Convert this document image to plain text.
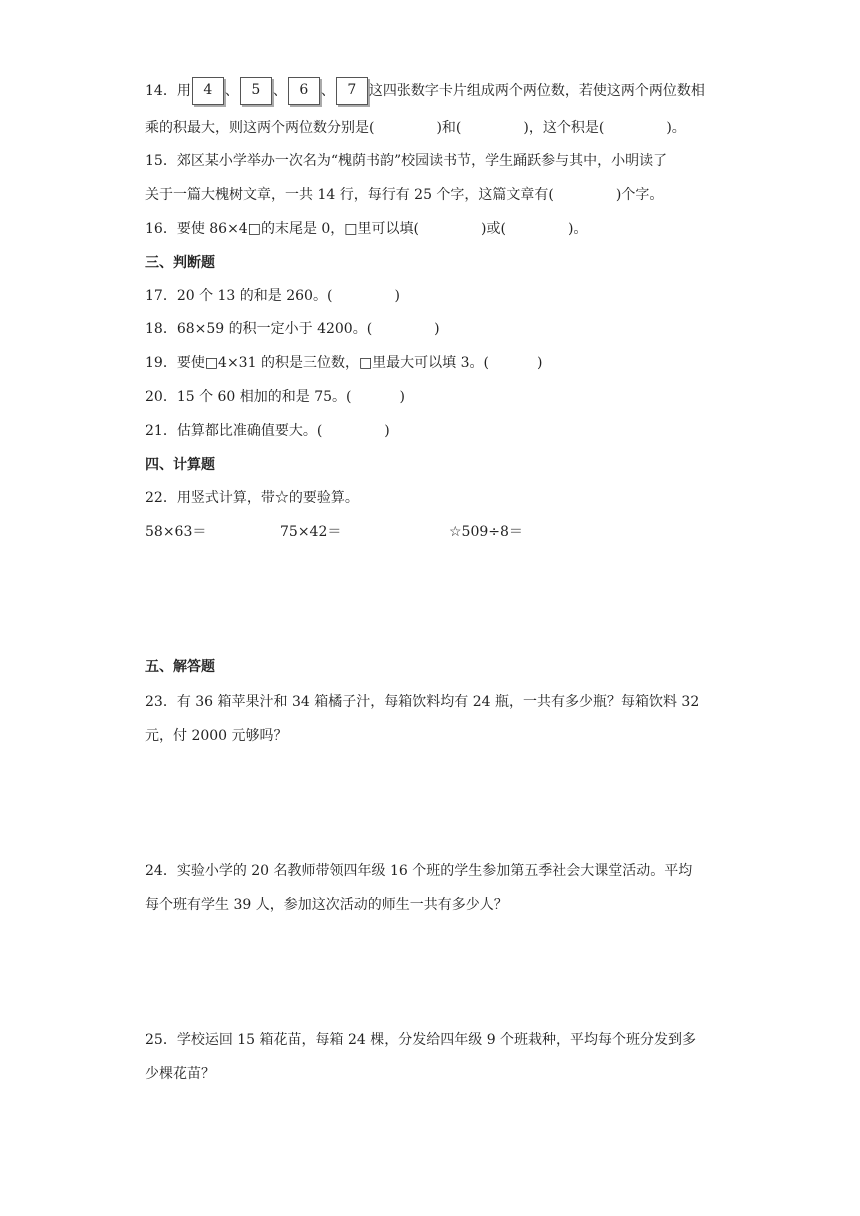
14．用 4 、 5 、 6 、 7 这四张数字卡片组成两个两位数，若使这两个两位数相
乘的积最大，则这两个两位数分别是(	)和(	)，这个积是(	)。
15．郊区某小学举办一次名为“槐荫书韵”校园读书节，学生踊跃参与其中，小明读了
关于一篇大槐树文章，一共 14 行，每行有 25 个字，这篇文章有(	)个字。
16．要使 86×4□的末尾是 0，□里可以填(	)或(	)。
三、判断题
17．20 个 13 的和是 260。(	)
18．68×59 的积一定小于 4200。(	)
19．要使□4×31 的积是三位数，□里最大可以填 3。(	)
20．15 个 60 相加的和是 75。(	)
21．估算都比准确值要大。(	)
四、计算题
22．用竖式计算，带☆的要验算。
58×63＝	75×42＝	☆509÷8＝
五、解答题
23．有 36 箱苹果汁和 34 箱橘子汁，每箱饮料均有 24 瓶，一共有多少瓶？每箱饮料 32
元，付 2000 元够吗？
24．实验小学的 20 名教师带领四年级 16 个班的学生参加第五季社会大课堂活动。平均
每个班有学生 39 人，参加这次活动的师生一共有多少人？
25．学校运回 15 箱花苗，每箱 24 棵，分发给四年级 9 个班栽种，平均每个班分发到多
少棵花苗？
